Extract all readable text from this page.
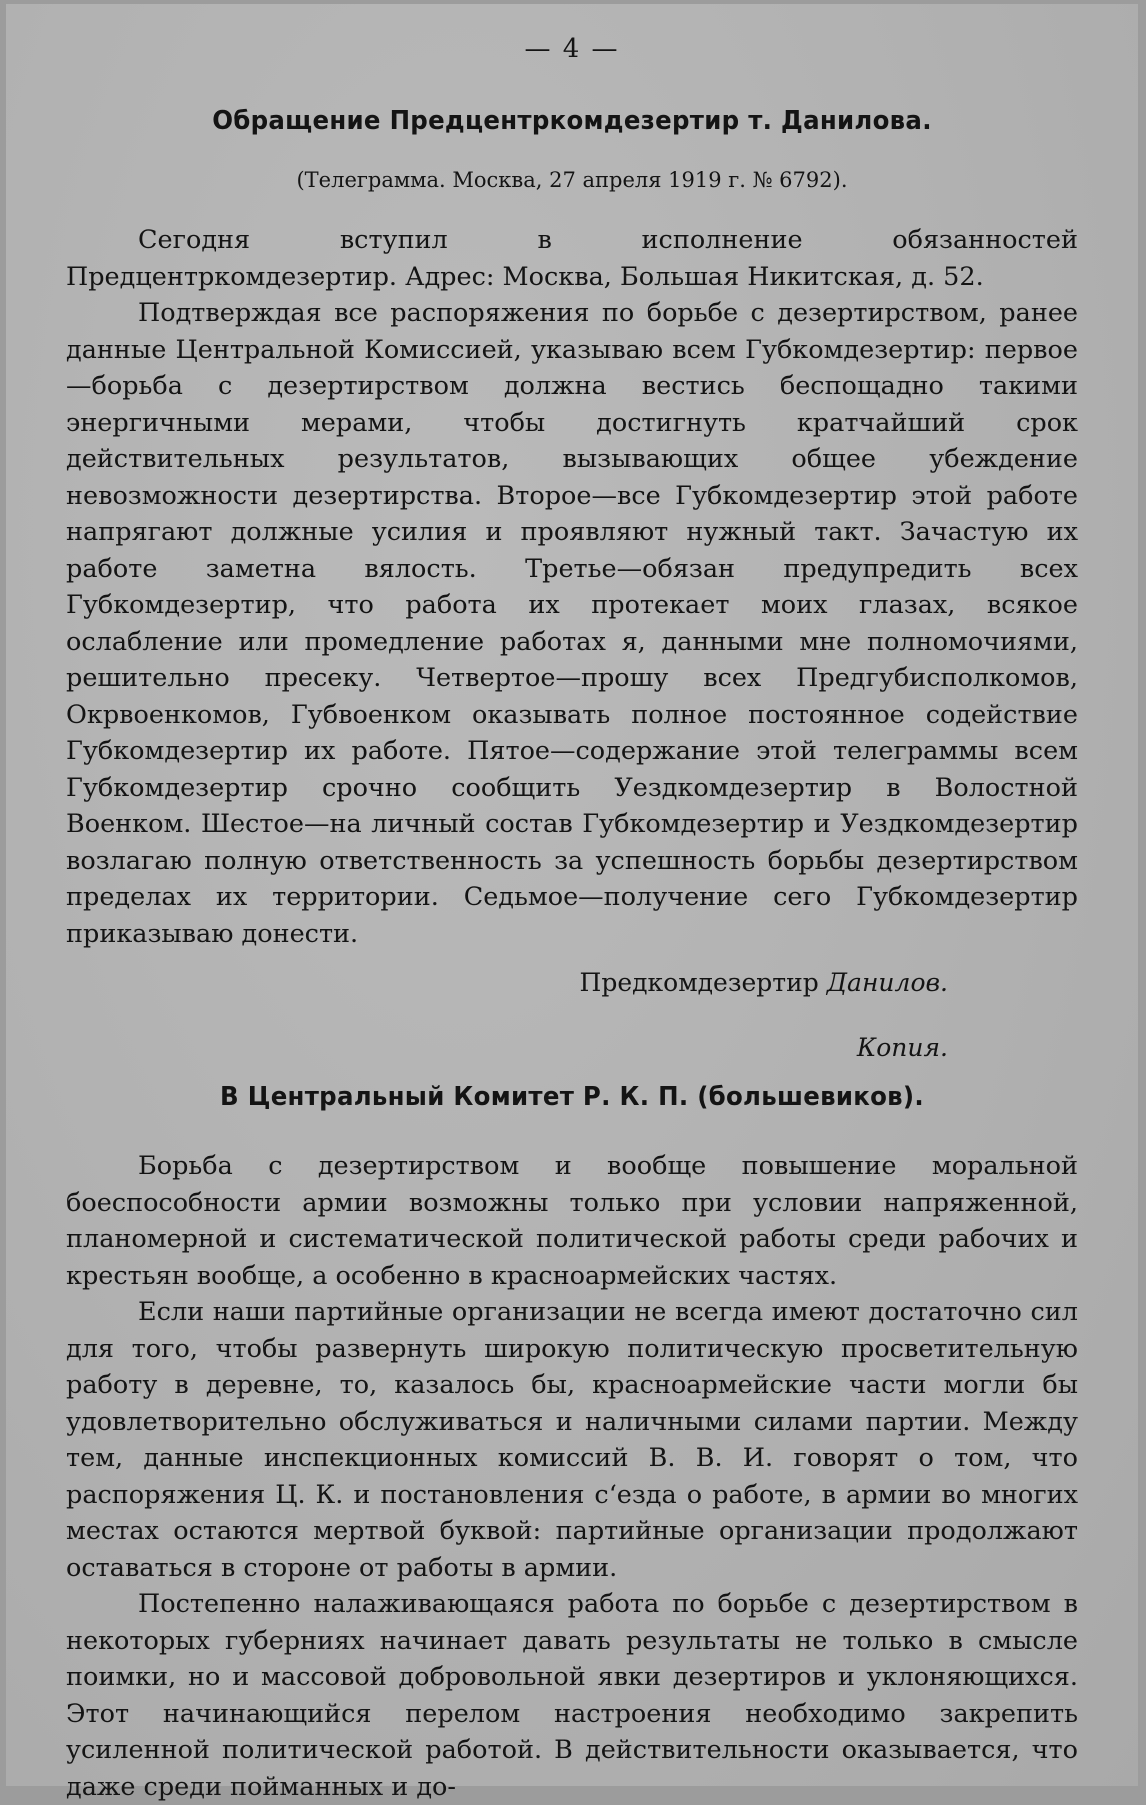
— 4 —
Обращение Предцентркомдезертир т. Данилова.
(Телеграмма. Москва, 27 апреля 1919 г. № 6792).

Сегодня вступил в исполнение обязанностей Предцентркомдезертир. Адрес: Москва, Большая Никитская, д. 52.

Подтверждая все распоряжения по борьбе с дезертирством, ранее данные Центральной Комиссией, указываю всем Губкомдезертир: первое—борьба с дезертирством должна вестись беспощадно такими энергичными мерами, чтобы достигнуть кратчайший срок действительных результатов, вызывающих общее убеждение невозможности дезертирства. Второе—все Губкомдезертир этой работе напрягают должные усилия и проявляют нужный такт. Зачастую их работе заметна вялость. Третье—обязан предупредить всех Губкомдезертир, что работа их протекает моих глазах, всякое ослабление или промедление работах я, данными мне полномочиями, решительно пресеку. Четвертое—прошу всех Предгубисполкомов, Окрвоенкомов, Губвоенком оказывать полное постоянное содействие Губкомдезертир их работе. Пятое—содержание этой телеграммы всем Губкомдезертир срочно сообщить Уездкомдезертир в Волостной Военком. Шестое—на личный состав Губкомдезертир и Уездкомдезертир возлагаю полную ответственность за успешность борьбы дезертирством пределах их территории. Седьмое—получение сего Губкомдезертир приказываю донести.

Предкомдезертир Данилов.
Копия.
В Центральный Комитет Р. К. П. (большевиков).

Борьба с дезертирством и вообще повышение моральной боеспособности армии возможны только при условии напряженной, планомерной и систематической политической работы среди рабочих и крестьян вообще, а особенно в красноармейских частях.

Если наши партийные организации не всегда имеют достаточно сил для того, чтобы развернуть широкую политическую просветительную работу в деревне, то, казалось бы, красноармейские части могли бы удовлетворительно обслуживаться и наличными силами партии. Между тем, данные инспекционных комиссий В. В. И. говорят о том, что распоряжения Ц. К. и постановления с‘езда о работе, в армии во многих местах остаются мертвой буквой: партийные организации продолжают оставаться в стороне от работы в армии.

Постепенно налаживающаяся работа по борьбе с дезертирством в некоторых губерниях начинает давать результаты не только в смысле поимки, но и массовой добровольной явки дезертиров и уклоняющихся. Этот начинающийся перелом настроения необходимо закрепить усиленной политической работой. В действительности оказывается, что даже среди пойманных и до-
